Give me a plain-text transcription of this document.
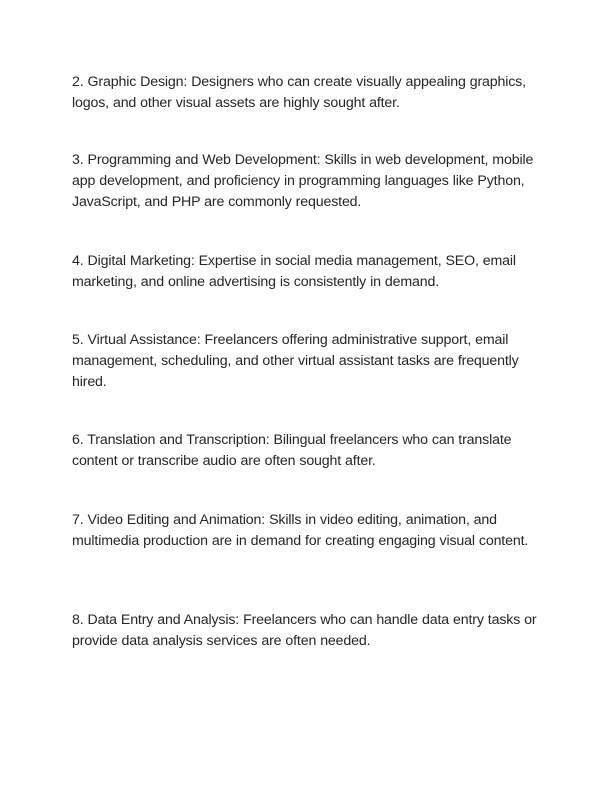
2. Graphic Design: Designers who can create visually appealing graphics, logos, and other visual assets are highly sought after.

3. Programming and Web Development: Skills in web development, mobile app development, and proficiency in programming languages like Python, JavaScript, and PHP are commonly requested.

4. Digital Marketing: Expertise in social media management, SEO, email marketing, and online advertising is consistently in demand.

5. Virtual Assistance: Freelancers offering administrative support, email management, scheduling, and other virtual assistant tasks are frequently hired.

6. Translation and Transcription: Bilingual freelancers who can translate content or transcribe audio are often sought after.

7. Video Editing and Animation: Skills in video editing, animation, and multimedia production are in demand for creating engaging visual content.

8. Data Entry and Analysis: Freelancers who can handle data entry tasks or provide data analysis services are often needed.
